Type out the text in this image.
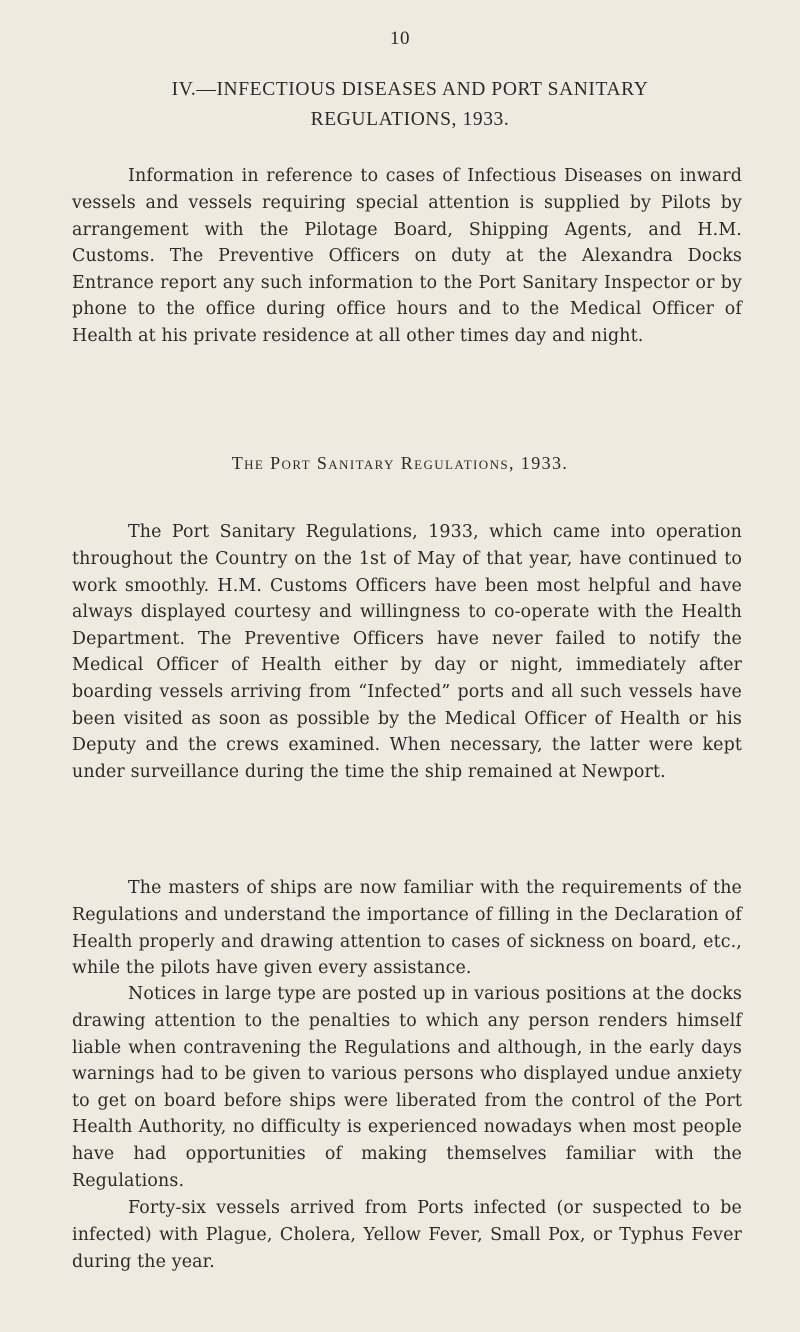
10
IV.—INFECTIOUS DISEASES AND PORT SANITARY
REGULATIONS, 1933.

Information in reference to cases of Infectious Diseases on inward vessels and vessels requiring special attention is supplied by Pilots by arrangement with the Pilotage Board, Shipping Agents, and H.M. Customs. The Preventive Officers on duty at the Alexandra Docks Entrance report any such information to the Port Sanitary Inspector or by phone to the office during office hours and to the Medical Officer of Health at his private residence at all other times day and night.

The Port Sanitary Regulations, 1933.

The Port Sanitary Regulations, 1933, which came into operation throughout the Country on the 1st of May of that year, have continued to work smoothly. H.M. Customs Officers have been most helpful and have always displayed courtesy and willingness to co-operate with the Health Department. The Preventive Officers have never failed to notify the Medical Officer of Health either by day or night, immediately after boarding vessels arriving from “Infected” ports and all such vessels have been visited as soon as possible by the Medical Officer of Health or his Deputy and the crews examined. When necessary, the latter were kept under surveillance during the time the ship remained at Newport.

The masters of ships are now familiar with the requirements of the Regulations and understand the importance of filling in the Declaration of Health properly and drawing attention to cases of sickness on board, etc., while the pilots have given every assistance.

Notices in large type are posted up in various positions at the docks drawing attention to the penalties to which any person renders himself liable when contravening the Regulations and although, in the early days warnings had to be given to various persons who displayed undue anxiety to get on board before ships were liberated from the control of the Port Health Authority, no difficulty is experienced nowadays when most people have had opportunities of making themselves familiar with the Regulations.

Forty-six vessels arrived from Ports infected (or suspected to be infected) with Plague, Cholera, Yellow Fever, Small Pox, or Typhus Fever during the year.
